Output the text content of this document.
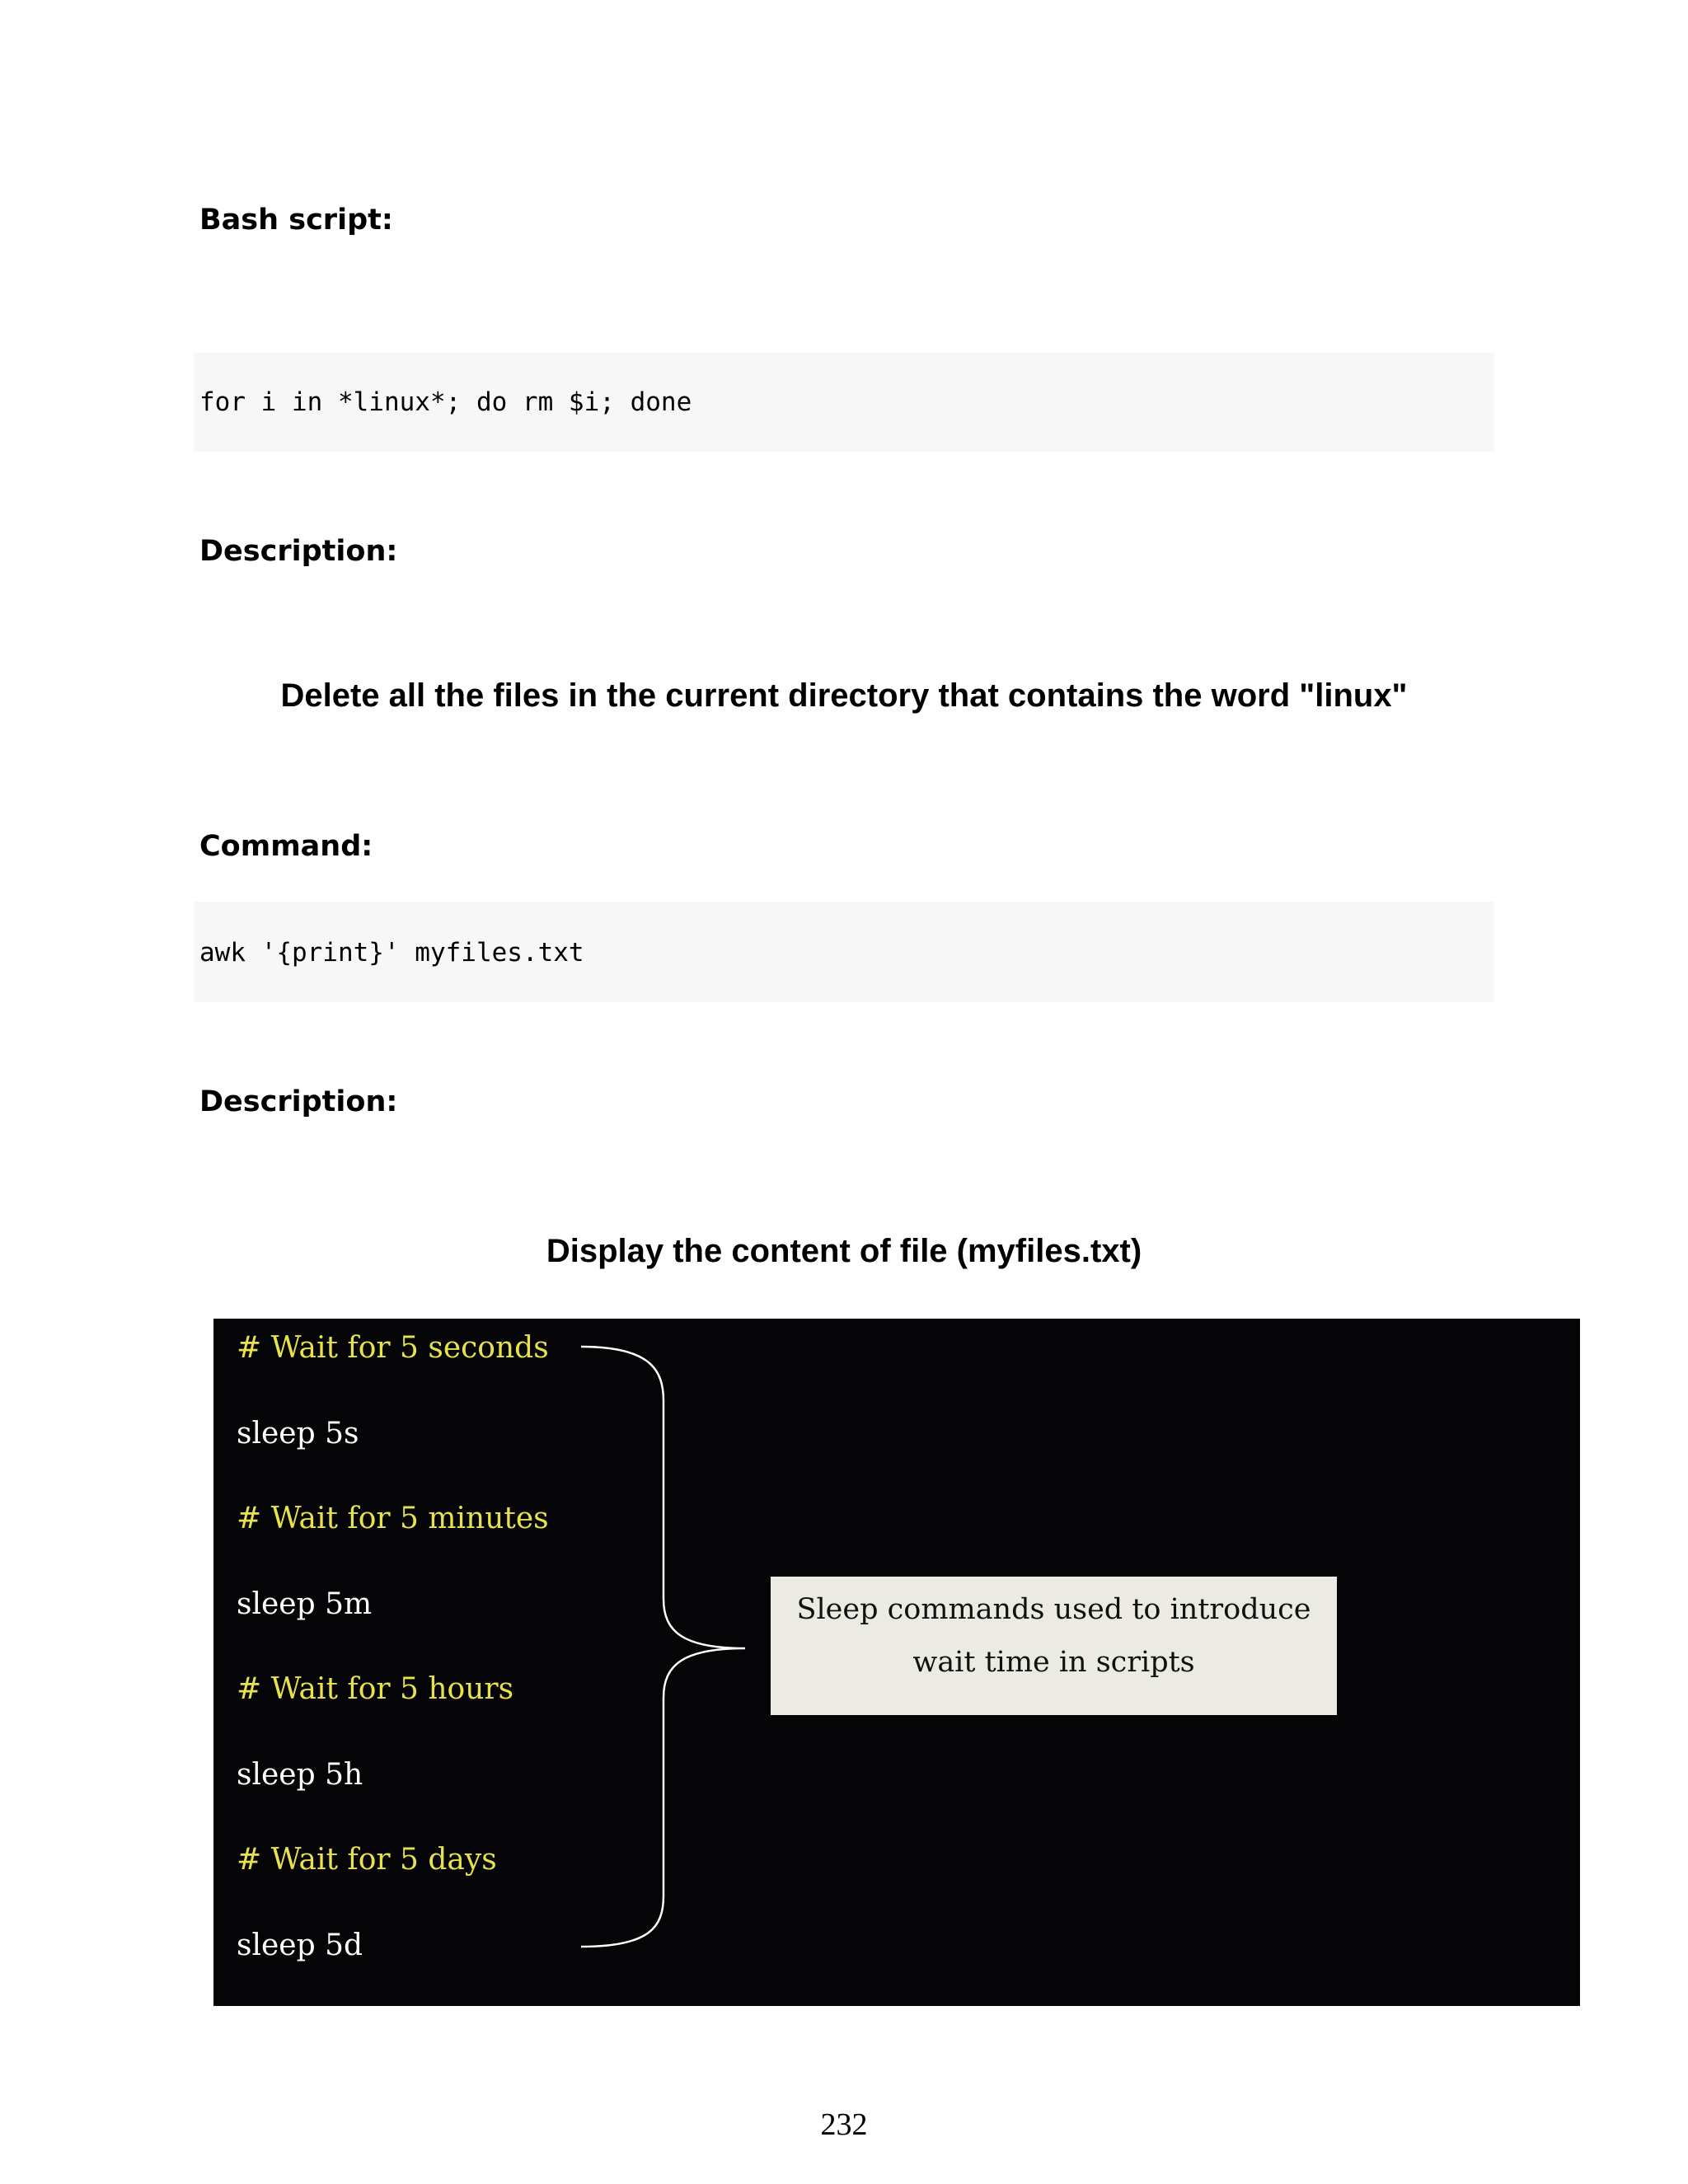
Bash script:
for i in *linux*; do rm $i; done
Description:

Delete all the files in the current directory that contains the word "linux"

Command:
awk '{print}' myfiles.txt
Description:

Display the content of file (myfiles.txt)

# Wait for 5 seconds
sleep 5s
# Wait for 5 minutes
sleep 5m
# Wait for 5 hours
sleep 5h
# Wait for 5 days
sleep 5d
Sleep commands used to introduce
wait time in scripts
232
